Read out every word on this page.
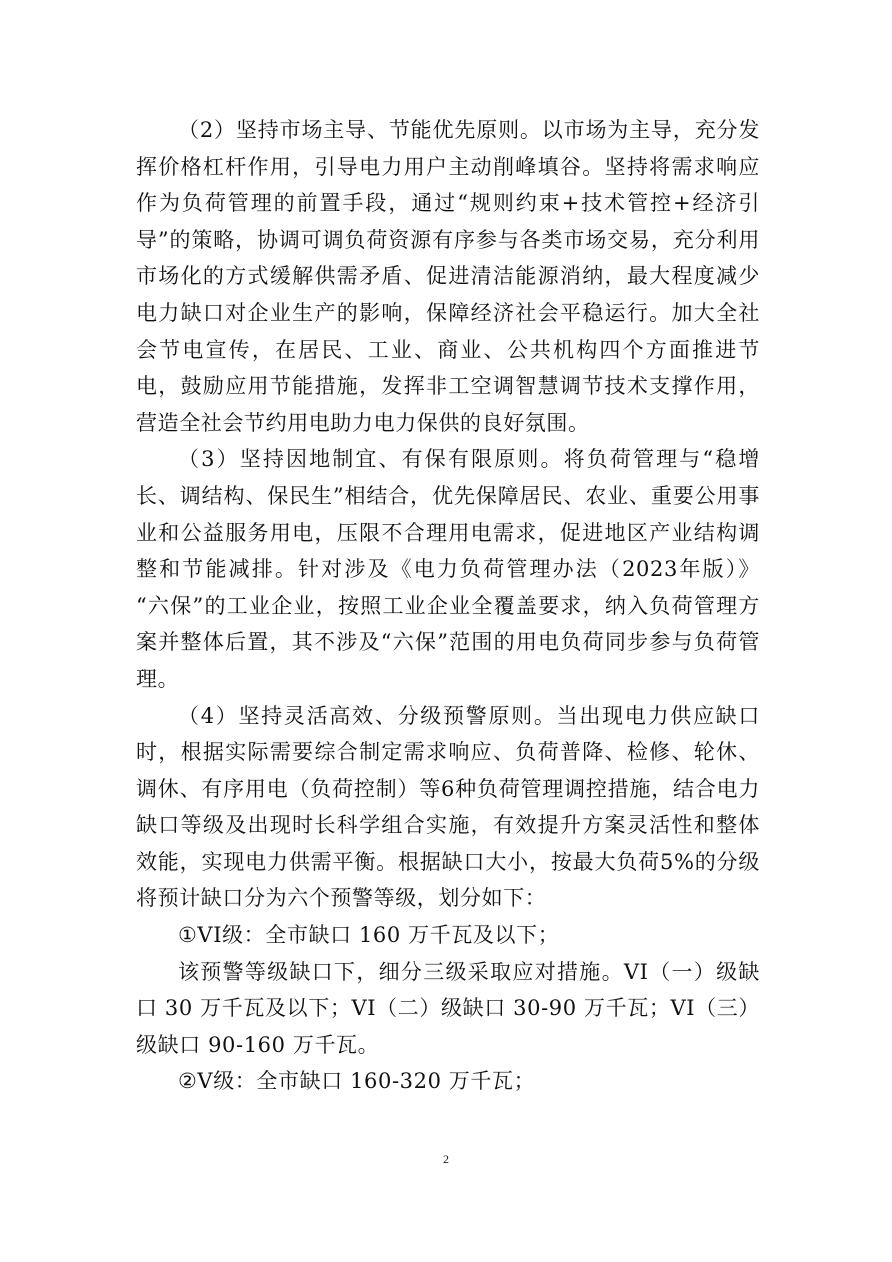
（2）坚持市场主导、节能优先原则。以市场为主导，充分发挥价格杠杆作用，引导电力用户主动削峰填谷。坚持将需求响应作为负荷管理的前置手段，通过“规则约束+技术管控+经济引导”的策略，协调可调负荷资源有序参与各类市场交易，充分利用市场化的方式缓解供需矛盾、促进清洁能源消纳，最大程度减少电力缺口对企业生产的影响，保障经济社会平稳运行。加大全社会节电宣传，在居民、工业、商业、公共机构四个方面推进节电，鼓励应用节能措施，发挥非工空调智慧调节技术支撑作用，营造全社会节约用电助力电力保供的良好氛围。

（3）坚持因地制宜、有保有限原则。将负荷管理与“稳增长、调结构、保民生”相结合，优先保障居民、农业、重要公用事业和公益服务用电，压限不合理用电需求，促进地区产业结构调整和节能减排。针对涉及《电力负荷管理办法（2023年版）》 “六保”的工业企业，按照工业企业全覆盖要求，纳入负荷管理方案并整体后置，其不涉及“六保”范围的用电负荷同步参与负荷管理。

（4）坚持灵活高效、分级预警原则。当出现电力供应缺口时，根据实际需要综合制定需求响应、负荷普降、检修、轮休、调休、有序用电（负荷控制）等6种负荷管理调控措施，结合电力缺口等级及出现时长科学组合实施，有效提升方案灵活性和整体效能，实现电力供需平衡。根据缺口大小，按最大负荷5%的分级将预计缺口分为六个预警等级，划分如下：

①VI级：全市缺口 160 万千瓦及以下；

该预警等级缺口下，细分三级采取应对措施。VI（一）级缺口 30 万千瓦及以下；VI（二）级缺口 30-90 万千瓦；VI（三）级缺口 90-160 万千瓦。

②V级：全市缺口 160-320 万千瓦；

2
